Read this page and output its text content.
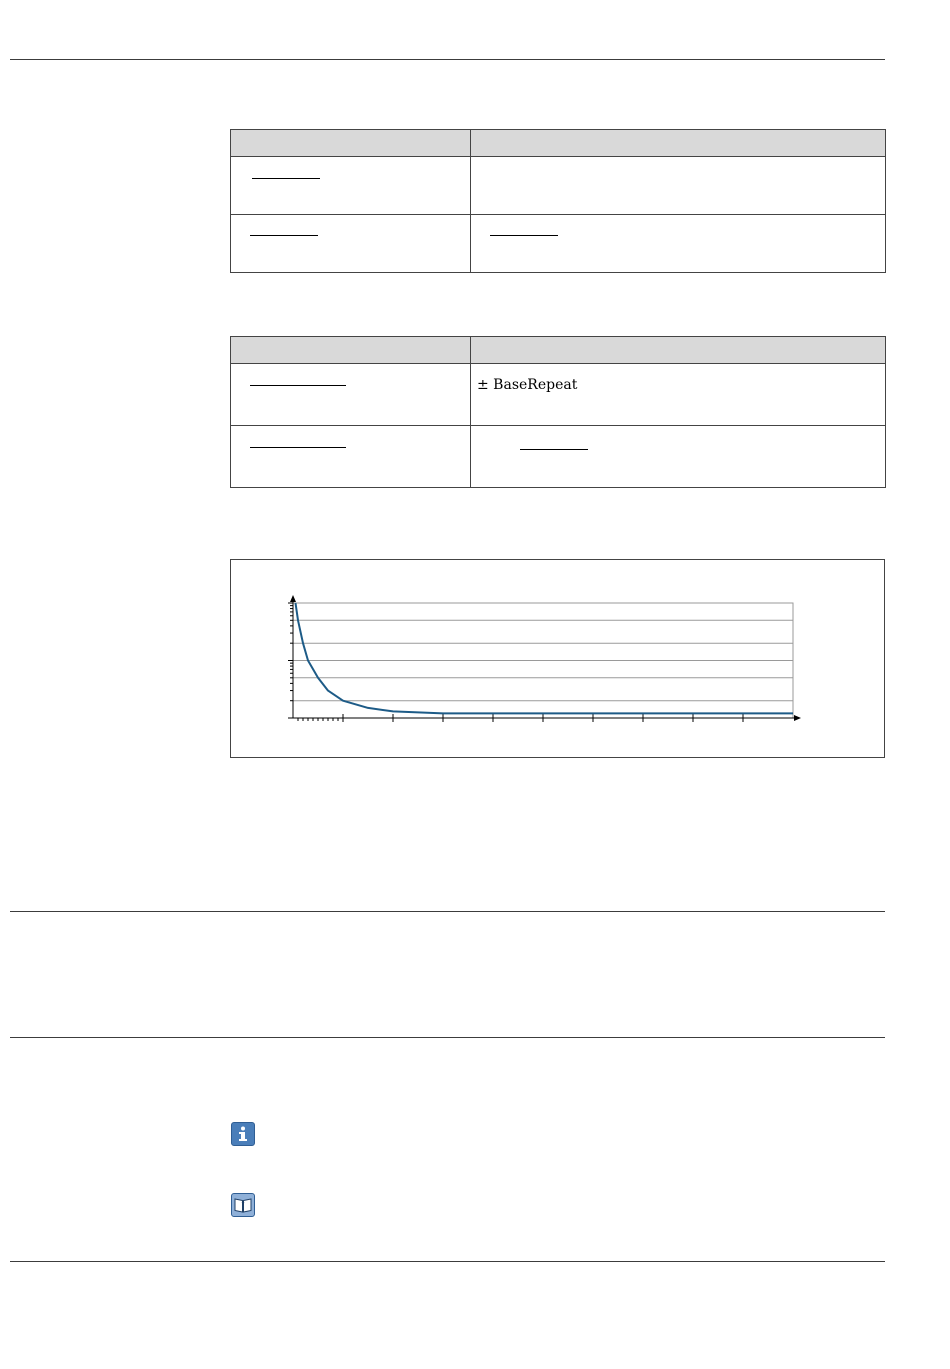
	± BaseRepeat
